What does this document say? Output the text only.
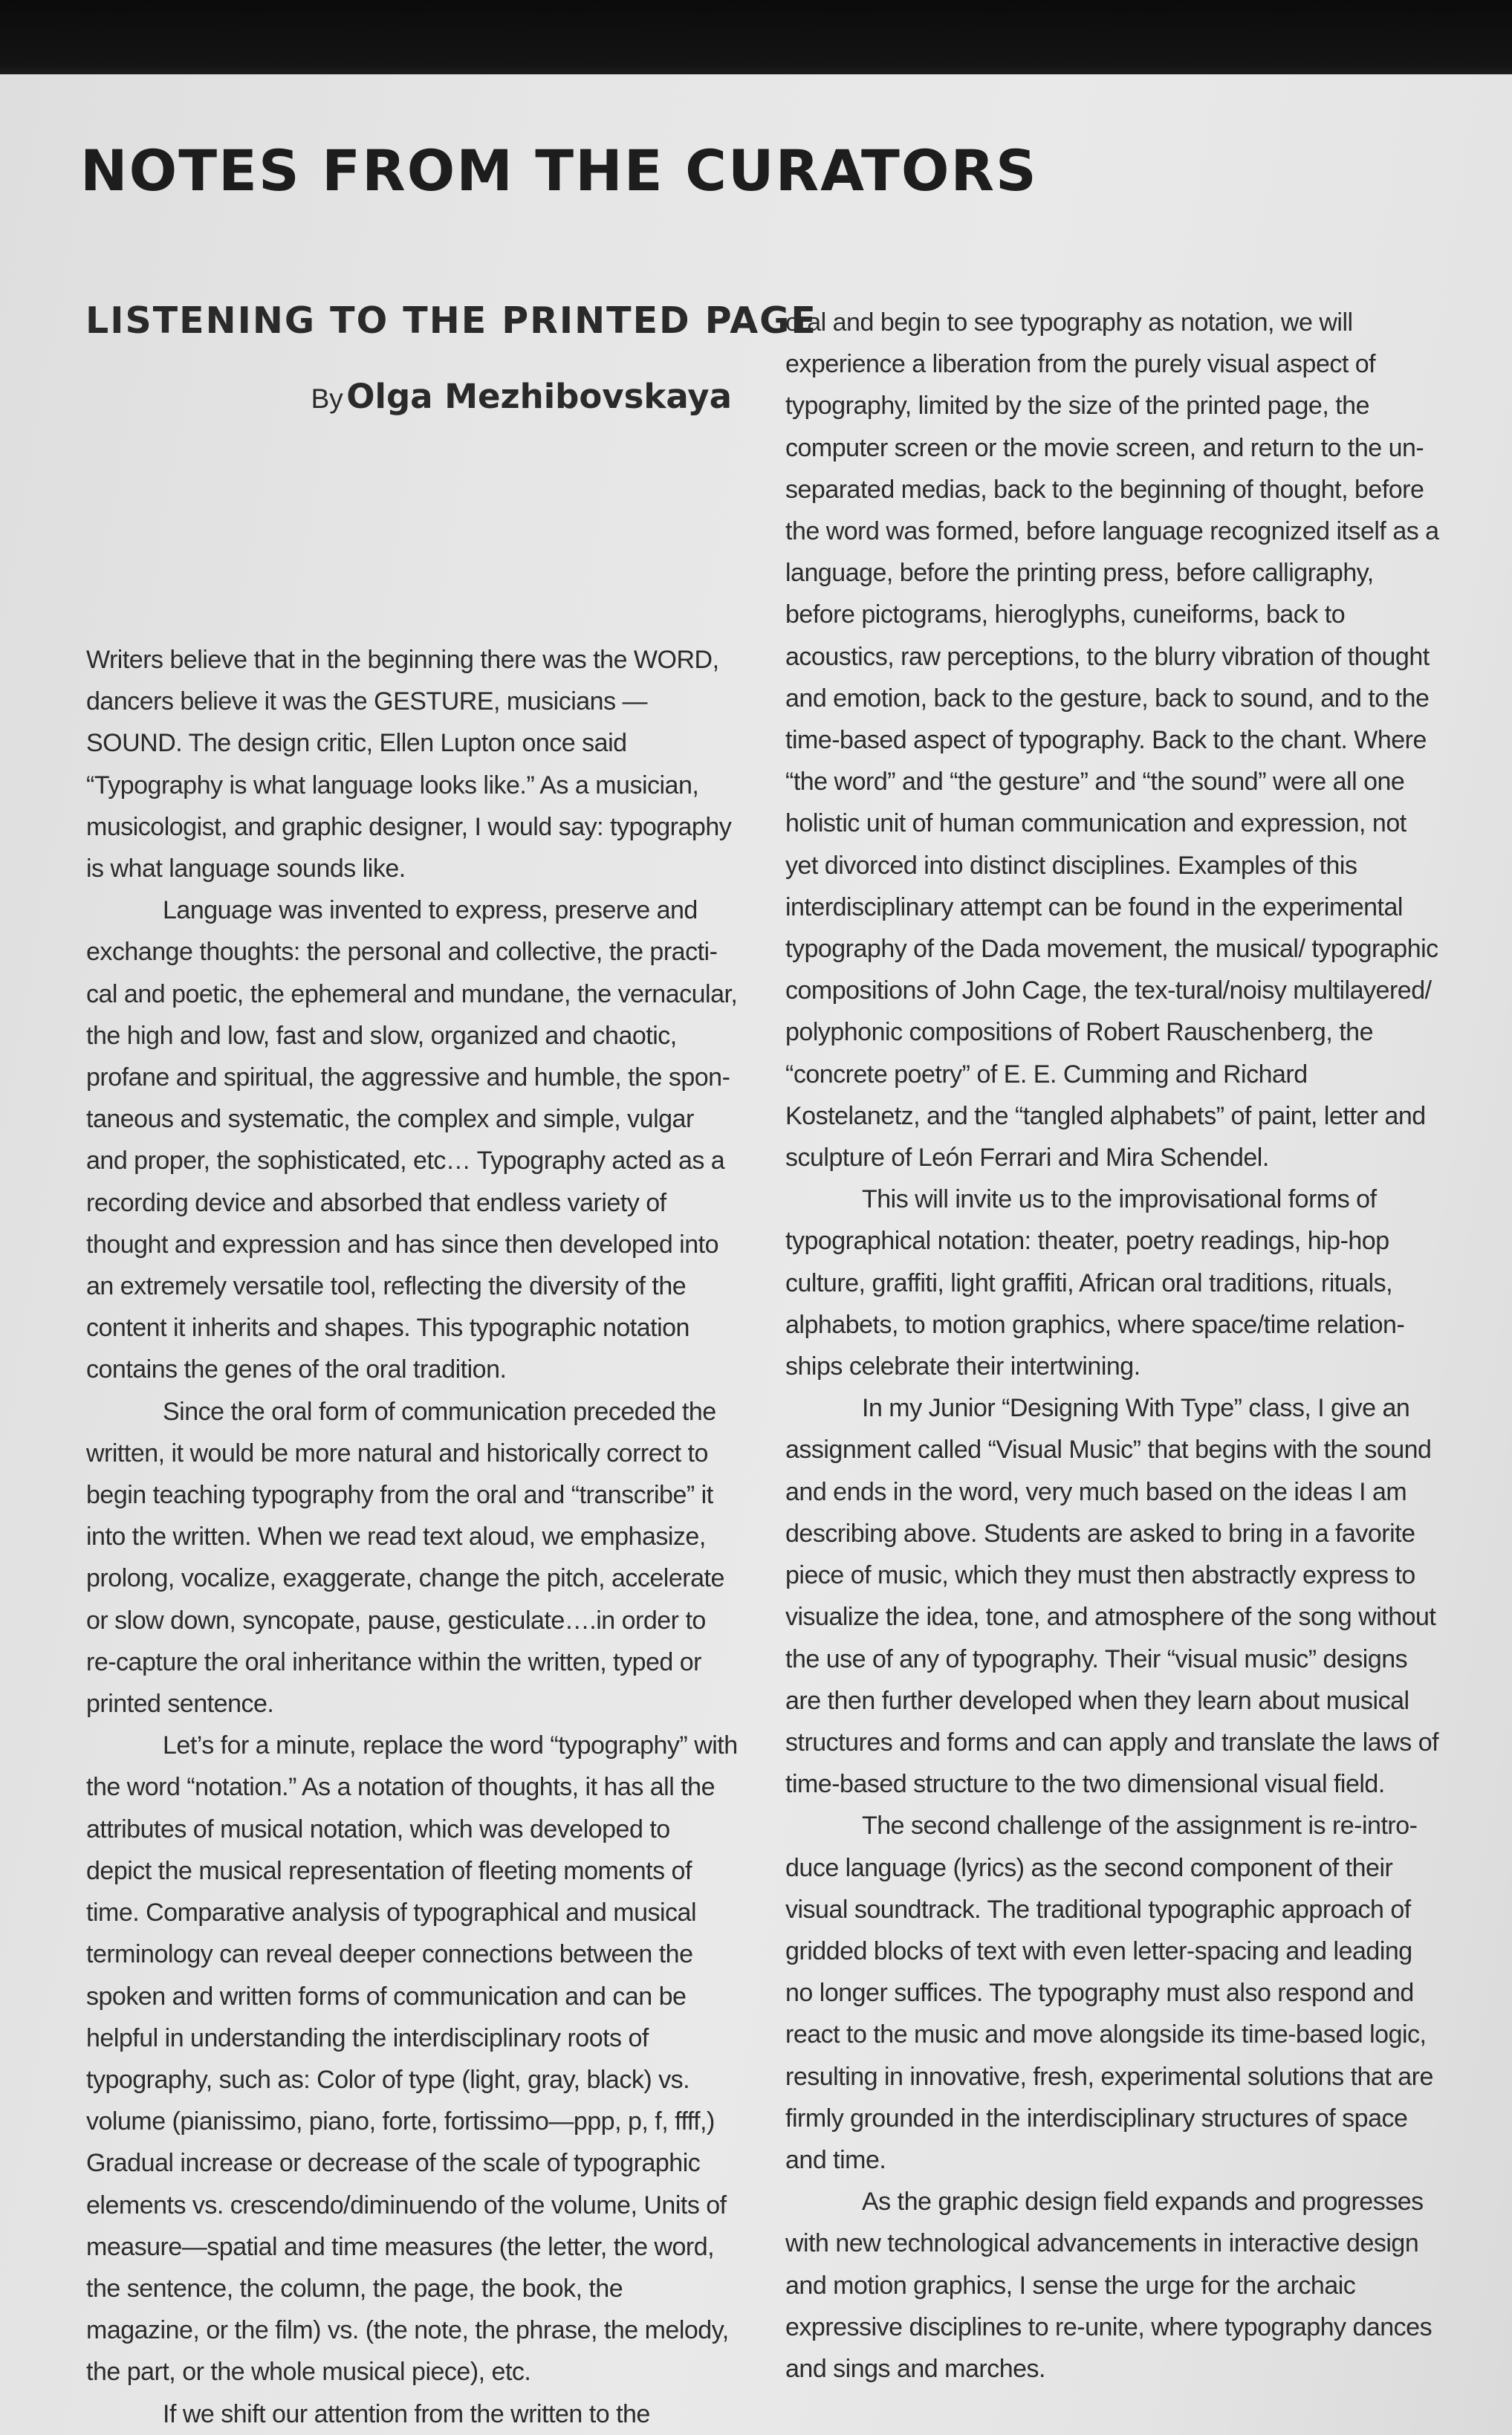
NOTES FROM THE CURATORS
LISTENING TO THE PRINTED PAGE
By Olga Mezhibovskaya

Writers believe that in the beginning there was the WORD, dancers believe it was the GESTURE, musicians —SOUND. The design critic, Ellen Lupton once said “Typography is what language looks like.” As a musician, musicologist, and graphic designer, I would say: typography is what language sounds like.

Language was invented to express, preserve and exchange thoughts: the personal and collective, the practi-cal and poetic, the ephemeral and mundane, the vernacular, the high and low, fast and slow, organized and chaotic, profane and spiritual, the aggressive and humble, the spon-taneous and systematic, the complex and simple, vulgar and proper, the sophisticated, etc… Typography acted as a recording device and absorbed that endless variety of thought and expression and has since then developed into an extremely versatile tool, reflecting the diversity of the content it inherits and shapes. This typographic notation contains the genes of the oral tradition.

Since the oral form of communication preceded the written, it would be more natural and historically correct to begin teaching typography from the oral and “transcribe” it into the written. When we read text aloud, we emphasize, prolong, vocalize, exaggerate, change the pitch, accelerate or slow down, syncopate, pause, gesticulate….in order to re-capture the oral inheritance within the written, typed or printed sentence.

Let’s for a minute, replace the word “typography” with the word “notation.” As a notation of thoughts, it has all the attributes of musical notation, which was developed to depict the musical representation of fleeting moments of time. Comparative analysis of typographical and musical terminology can reveal deeper connections between the spoken and written forms of communication and can be helpful in understanding the interdisciplinary roots of typography, such as: Color of type (light, gray, black) vs. volume (pianissimo, piano, forte, fortissimo—ppp, p, f, ffff,) Gradual increase or decrease of the scale of typographic elements vs. crescendo/diminuendo of the volume, Units of measure—spatial and time measures (the letter, the word, the sentence, the column, the page, the book, the magazine, or the film) vs. (the note, the phrase, the melody, the part, or the whole musical piece), etc.

If we shift our attention from the written to the

oral and begin to see typography as notation, we will experience a liberation from the purely visual aspect of typography, limited by the size of the printed page, the computer screen or the movie screen, and return to the un-separated medias, back to the beginning of thought, before the word was formed, before language recognized itself as a language, before the printing press, before calligraphy, before pictograms, hieroglyphs, cuneiforms, back to acoustics, raw perceptions, to the blurry vibration of thought and emotion, back to the gesture, back to sound, and to the time-based aspect of typography. Back to the chant. Where “the word” and “the gesture” and “the sound” were all one holistic unit of human communication and expression, not yet divorced into distinct disciplines. Examples of this interdisciplinary attempt can be found in the experimental typography of the Dada movement, the musical/ typographic compositions of John Cage, the tex-tural/noisy multilayered/ polyphonic compositions of Robert Rauschenberg, the “concrete poetry” of E. E. Cumming and Richard Kostelanetz, and the “tangled alphabets” of paint, letter and sculpture of León Ferrari and Mira Schendel.

This will invite us to the improvisational forms of typographical notation: theater, poetry readings, hip-hop culture, graffiti, light graffiti, African oral traditions, rituals, alphabets, to motion graphics, where space/time relation-ships celebrate their intertwining.

In my Junior “Designing With Type” class, I give an assignment called “Visual Music” that begins with the sound and ends in the word, very much based on the ideas I am describing above. Students are asked to bring in a favorite piece of music, which they must then abstractly express to visualize the idea, tone, and atmosphere of the song without the use of any of typography. Their “visual music” designs are then further developed when they learn about musical structures and forms and can apply and translate the laws of time-based structure to the two dimensional visual field.

The second challenge of the assignment is re-intro-duce language (lyrics) as the second component of their visual soundtrack. The traditional typographic approach of gridded blocks of text with even letter-spacing and leading no longer suffices. The typography must also respond and react to the music and move alongside its time-based logic, resulting in innovative, fresh, experimental solutions that are firmly grounded in the interdisciplinary structures of space and time.

As the graphic design field expands and progresses with new technological advancements in interactive design and motion graphics, I sense the urge for the archaic expressive disciplines to re-unite, where typography dances and sings and marches.
